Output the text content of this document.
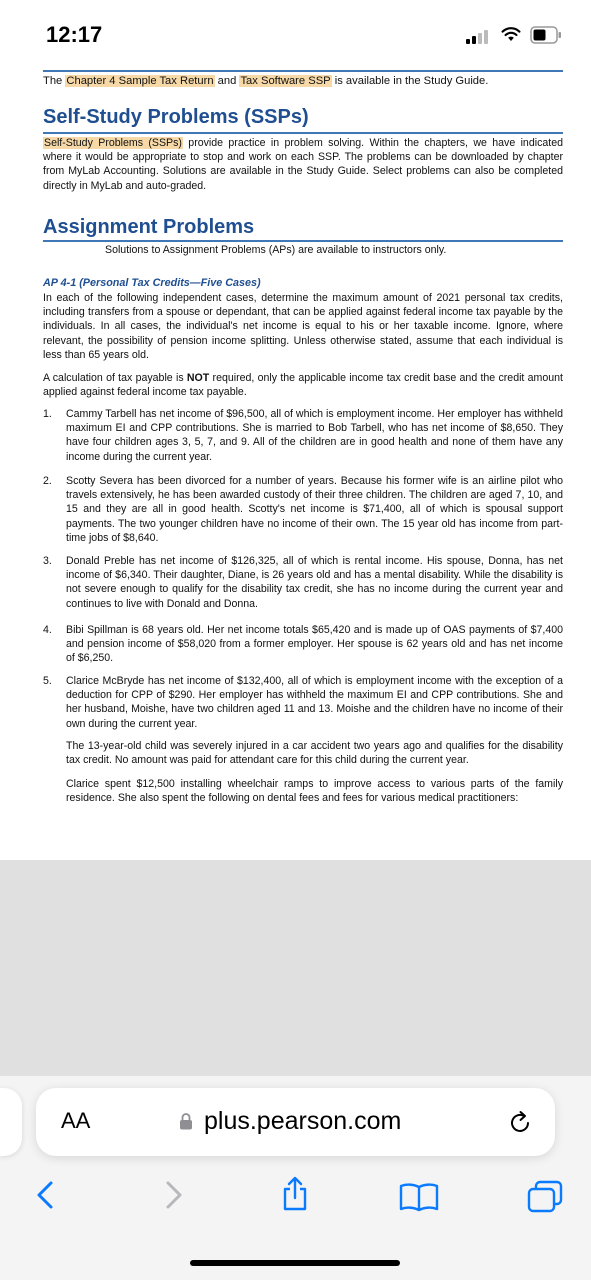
12:17
The Chapter 4 Sample Tax Return and Tax Software SSP is available in the Study Guide.
Self-Study Problems (SSPs)
Self-Study Problems (SSPs) provide practice in problem solving. Within the chapters, we have indicated where it would be appropriate to stop and work on each SSP. The problems can be downloaded by chapter from MyLab Accounting. Solutions are available in the Study Guide. Select problems can also be completed directly in MyLab and auto-graded.
Assignment Problems
Solutions to Assignment Problems (APs) are available to instructors only.
AP 4-1 (Personal Tax Credits—Five Cases)
In each of the following independent cases, determine the maximum amount of 2021 personal tax credits, including transfers from a spouse or dependant, that can be applied against federal income tax payable by the individuals. In all cases, the individual's net income is equal to his or her taxable income. Ignore, where relevant, the possibility of pension income splitting. Unless otherwise stated, assume that each individual is less than 65 years old.
A calculation of tax payable is NOT required, only the applicable income tax credit base and the credit amount applied against federal income tax payable.
1.	Cammy Tarbell has net income of $96,500, all of which is employment income. Her employer has withheld maximum EI and CPP contributions. She is married to Bob Tarbell, who has net income of $8,650. They have four children ages 3, 5, 7, and 9. All of the children are in good health and none of them have any income during the current year.
2.	Scotty Severa has been divorced for a number of years. Because his former wife is an airline pilot who travels extensively, he has been awarded custody of their three children. The children are aged 7, 10, and 15 and they are all in good health. Scotty's net income is $71,400, all of which is spousal support payments. The two younger children have no income of their own. The 15 year old has income from part-time jobs of $8,640.
3.	Donald Preble has net income of $126,325, all of which is rental income. His spouse, Donna, has net income of $6,340. Their daughter, Diane, is 26 years old and has a mental disability. While the disability is not severe enough to qualify for the disability tax credit, she has no income during the current year and continues to live with Donald and Donna.
4.	Bibi Spillman is 68 years old. Her net income totals $65,420 and is made up of OAS payments of $7,400 and pension income of $58,020 from a former employer. Her spouse is 62 years old and has net income of $6,250.
5.	Clarice McBryde has net income of $132,400, all of which is employment income with the exception of a deduction for CPP of $290. Her employer has withheld the maximum EI and CPP contributions. She and her husband, Moishe, have two children aged 11 and 13. Moishe and the children have no income of their own during the current year.
The 13-year-old child was severely injured in a car accident two years ago and qualifies for the disability tax credit. No amount was paid for attendant care for this child during the current year.
Clarice spent $12,500 installing wheelchair ramps to improve access to various parts of the family residence. She also spent the following on dental fees and fees for various medical practitioners:
AA	plus.pearson.com
